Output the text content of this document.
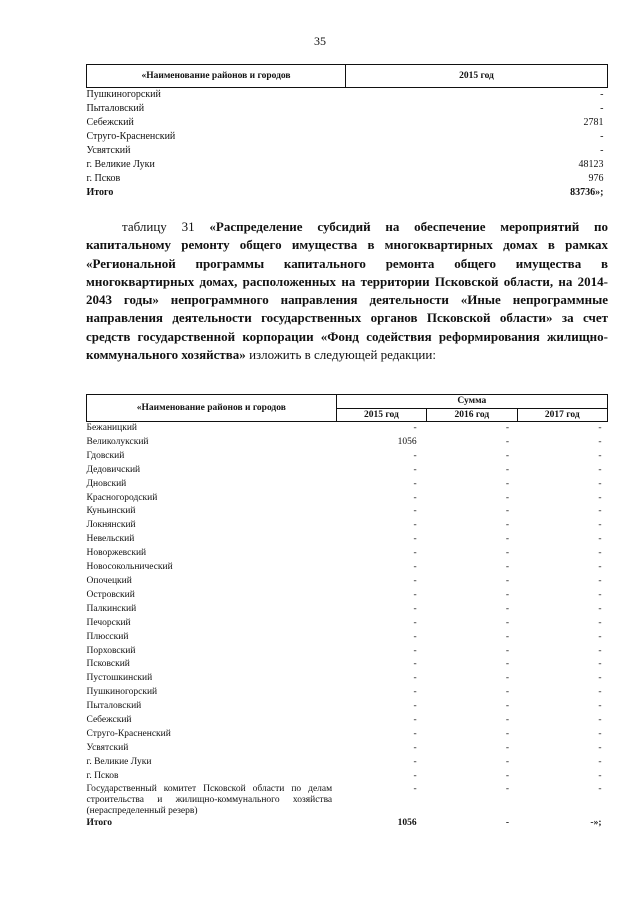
35
«Наименование районов и городов	2015 год
Пушкиногорский	-
Пыталовский	-
Себежский	2781
Струго-Красненский	-
Усвятский	-
г. Великие Луки	48123
г. Псков	976
Итого	83736»;

таблицу 31 «Распределение субсидий на обеспечение мероприятий по капитальному ремонту общего имущества в многоквартирных домах в рамках «Региональной программы капитального ремонта общего имущества в многоквартирных домах, расположенных на территории Псковской области, на 2014-2043 годы» непрограммного направления деятельности «Иные непрограммные направления деятельности государственных органов Псковской области» за счет средств государственной корпорации «Фонд содействия реформирования жилищно-коммунального хозяйства» изложить в следующей редакции:

«Наименование районов и городов	Сумма		
	2015 год	2016 год	2017 год
Бежаницкий	-	-	-
Великолукский	1056	-	-
Гдовский	-	-	-
Дедовичский	-	-	-
Дновский	-	-	-
Красногородский	-	-	-
Куньинский	-	-	-
Локнянский	-	-	-
Невельский	-	-	-
Новоржевский	-	-	-
Новосокольнический	-	-	-
Опочецкий	-	-	-
Островский	-	-	-
Палкинский	-	-	-
Печорский	-	-	-
Плюсский	-	-	-
Порховский	-	-	-
Псковский	-	-	-
Пустошкинский	-	-	-
Пушкиногорский	-	-	-
Пыталовский	-	-	-
Себежский	-	-	-
Струго-Красненский	-	-	-
Усвятский	-	-	-
г. Великие Луки	-	-	-
г. Псков	-	-	-
Государственный комитет Псковской области по делам строительства и жилищно-коммунального хозяйства (нераспределенный резерв)	-	-	-
Итого	1056	-	-»;
